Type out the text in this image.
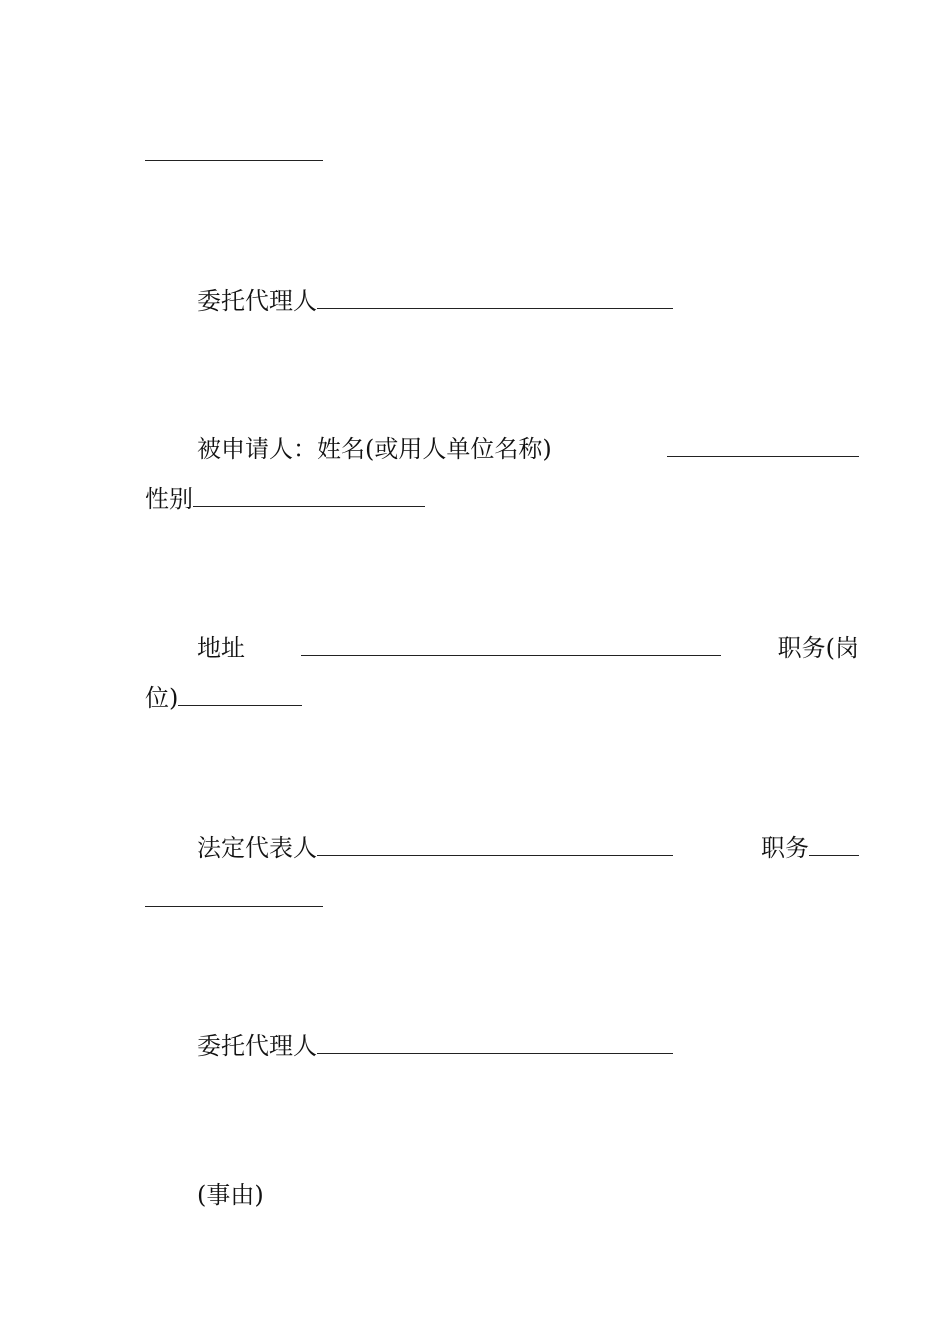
委托代理人
被申请人：姓名(或用人单位名称)
性别
地址	职务(岗
位)
法定代表人	职务
委托代理人
(事由)
